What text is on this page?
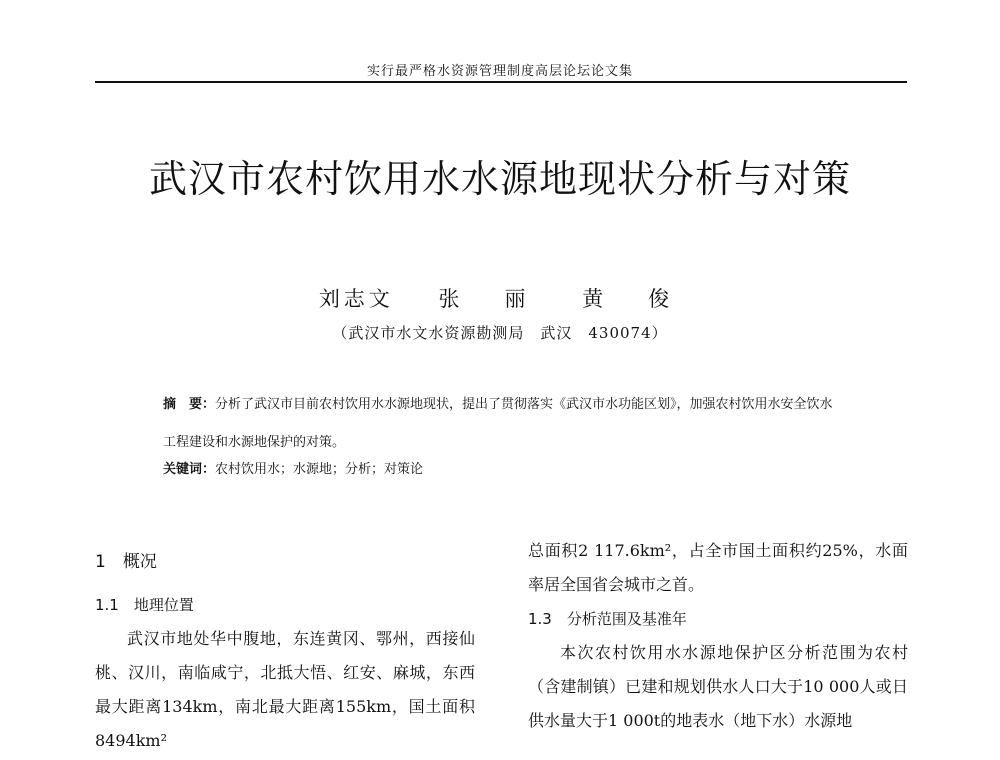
实行最严格水资源管理制度高层论坛论文集
武汉市农村饮用水水源地现状分析与对策
刘志文 张　丽 黄　俊
（武汉市水文水资源勘测局　武汉　430074）
摘　要：分析了武汉市目前农村饮用水水源地现状，提出了贯彻落实《武汉市水功能区划》，加强农村饮用水安全饮水工程建设和水源地保护的对策。
关键词：农村饮用水；水源地；分析；对策论
1　概况
1.1　地理位置

武汉市地处华中腹地，东连黄冈、鄂州，西接仙桃、汉川，南临咸宁，北抵大悟、红安、麻城，东西最大距离134km，南北最大距离155km，国土面积8494km²

总面积2 117.6km²，占全市国土面积约25%，水面率居全国省会城市之首。

1.3　分析范围及基准年

本次农村饮用水水源地保护区分析范围为农村（含建制镇）已建和规划供水人口大于10 000人或日供水量大于1 000t的地表水（地下水）水源地
